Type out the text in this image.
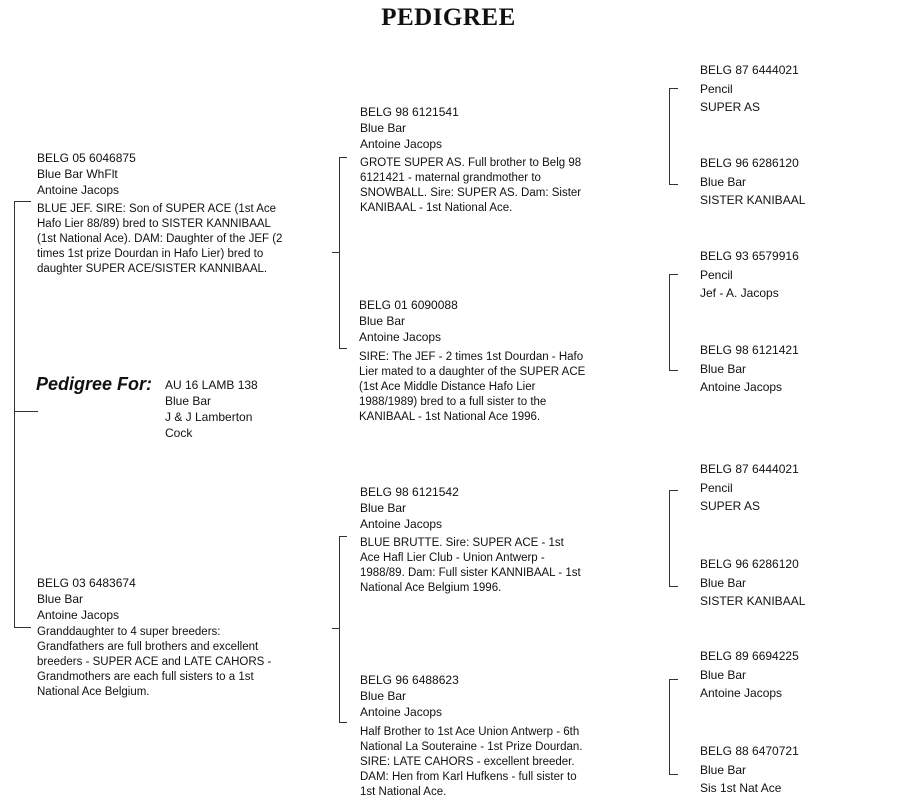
PEDIGREE
Pedigree For: AU 16 LAMB 138
Blue Bar
J & J Lamberton
Cock
BELG 05 6046875
Blue Bar WhFlt
Antoine Jacops
BLUE JEF. SIRE: Son of SUPER ACE (1st Ace
Hafo Lier 88/89) bred to SISTER KANNIBAAL
(1st National Ace). DAM: Daughter of the JEF (2
times 1st prize Dourdan in Hafo Lier) bred to
daughter SUPER ACE/SISTER KANNIBAAL.
BELG 03 6483674
Blue Bar
Antoine Jacops
Granddaughter to 4 super breeders:
Grandfathers are full brothers and excellent
breeders - SUPER ACE and LATE CAHORS -
Grandmothers are each full sisters to a 1st
National Ace Belgium.
BELG 98 6121541
Blue Bar
Antoine Jacops
GROTE SUPER AS. Full brother to Belg 98
6121421 - maternal grandmother to
SNOWBALL. Sire: SUPER AS. Dam: Sister
KANIBAAL - 1st National Ace.
BELG 01 6090088
Blue Bar
Antoine Jacops
SIRE: The JEF - 2 times 1st Dourdan - Hafo
Lier mated to a daughter of the SUPER ACE
(1st Ace Middle Distance Hafo Lier
1988/1989) bred to a full sister to the
KANIBAAL - 1st National Ace 1996.
BELG 98 6121542
Blue Bar
Antoine Jacops
BLUE BRUTTE. Sire: SUPER ACE - 1st
Ace Hafl Lier Club - Union Antwerp -
1988/89. Dam: Full sister KANNIBAAL - 1st
National Ace Belgium 1996.
BELG 96 6488623
Blue Bar
Antoine Jacops
Half Brother to 1st Ace Union Antwerp - 6th
National La Souteraine - 1st Prize Dourdan.
SIRE: LATE CAHORS - excellent breeder.
DAM: Hen from Karl Hufkens - full sister to
1st National Ace.
BELG 87 6444021
Pencil
SUPER AS
BELG 96 6286120
Blue Bar
SISTER KANIBAAL
BELG 93 6579916
Pencil
Jef - A. Jacops
BELG 98 6121421
Blue Bar
Antoine Jacops
BELG 87 6444021
Pencil
SUPER AS
BELG 96 6286120
Blue Bar
SISTER KANIBAAL
BELG 89 6694225
Blue Bar
Antoine Jacops
BELG 88 6470721
Blue Bar
Sis 1st Nat Ace
